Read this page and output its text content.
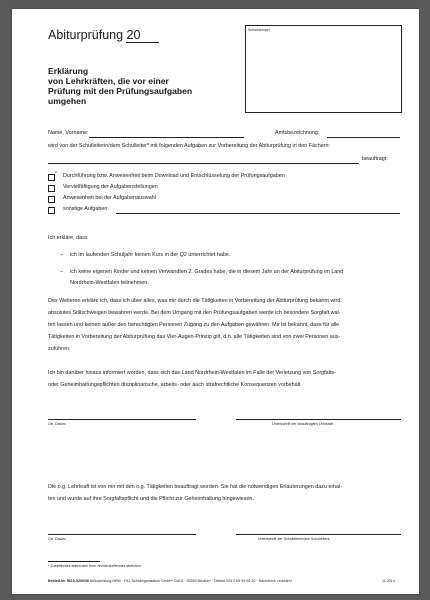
Abiturprüfung 20	Schulstempel
Erklärung
von Lehrkräften, die vor einer
Prüfung mit den Prüfungsaufgaben
umgehen
Name, Vorname:	Amtsbezeichnung:
wird von der Schulleiterin/dem Schulleiter* mit folgenden Aufgaben zur Vorbereitung der Abiturprüfung in den Fächern:
beauftragt:
* Durchführung bzw. Anwesenheit beim Download und Entschlüsselung der Prüfungsaufgaben
Vervielfältigung der Aufgabenstellungen
Anwesenheit bei der Aufgabenauswahl
sonstige Aufgaben:
Ich erkläre, dass
– ich im laufenden Schuljahr keinen Kurs in der Q2 unterrichtet habe.
– ich keine eigenen Kinder und keinen Verwandten 2. Grades habe, die in diesem Jahr an der Abiturprüfung im Land
Nordrhein-Westfalen teilnehmen.
Des Weiteren erkläre ich, dass ich über alles, was mir durch die Tätigkeiten in Vorbereitung der Abiturprüfung bekannt wird,
absolutes Stillschweigen bewahren werde. Bei dem Umgang mit den Prüfungsaufgaben werde ich besondere Sorgfalt wal-
ten lassen und keinen außer den berechtigten Personen Zugang zu den Aufgaben gewähren. Mir ist bekannt, dass für alle
Tätigkeiten in Vorbereitung der Abiturprüfung das Vier-Augen-Prinzip gilt, d.h. alle Tätigkeiten sind von zwei Personen aus-
zuführen.
Ich bin darüber hinaus informiert worden, dass sich das Land Nordrhein-Westfalen im Falle der Verletzung von Sorgfalts-
oder Geheimhaltungspflichten disziplinarische, arbeits- oder auch strafrechtliche Konsequenzen vorbehält.
Ort, Datum	Unterschrift der beauftragten Lehrkraft
Die o.g. Lehrkraft ist von mir mit den o.g. Tätigkeiten beauftragt worden. Sie hat die notwendigen Erläuterungen dazu erhal-
ten und wurde auf ihre Sorgfaltspflicht und die Pflicht zur Geheimhaltung hingewiesen.
Ort, Datum	Unterschrift der Schulleiterin/des Schulleiters
* Zutreffendes ankreuzen bzw. Nichtzutreffendes streichen
Bestell-Nr. 5610-0200/36 Abiturprüfung NRW · F&L Schulorganisation GmbH+CoKG · 59269 Beckum · Telefon 025 21/9 99 09-10 · Nachdruck verboten!	11.2014
